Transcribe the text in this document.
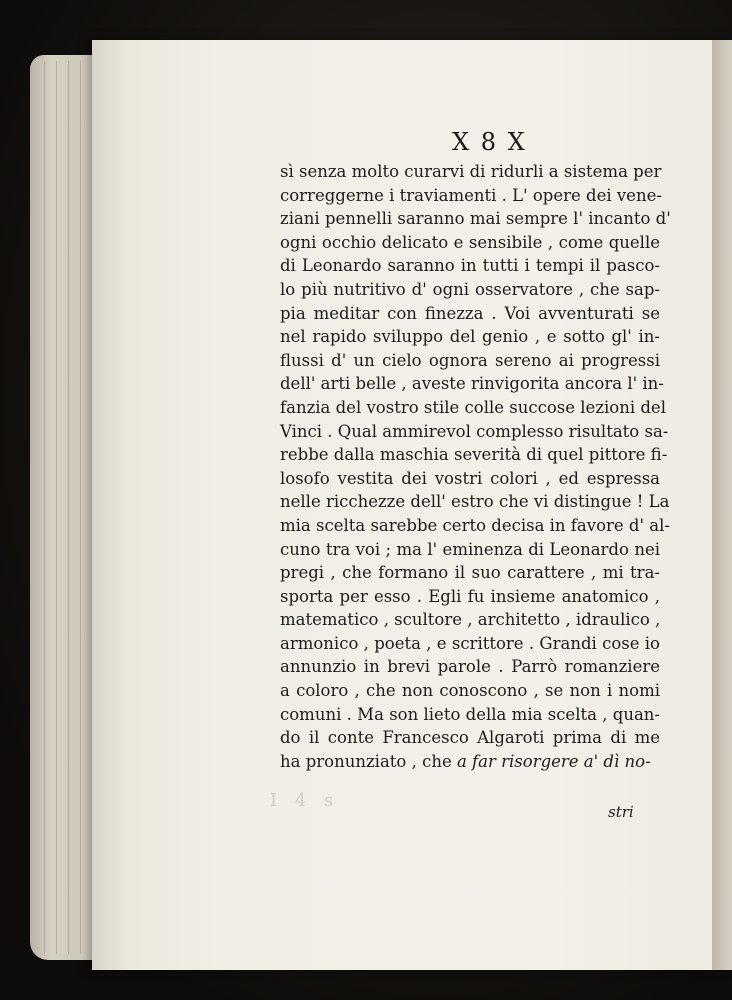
I 4 s
X 8 X
sì senza molto curarvi di ridurli a sistema per
correggerne i traviamenti . L' opere dei vene-
ziani pennelli saranno mai sempre l' incanto d'
ogni occhio delicato e sensibile , come quelle
di Leonardo saranno in tutti i tempi il pasco-
lo più nutritivo d' ogni osservatore , che sap-
pia meditar con finezza . Voi avventurati se
nel rapido sviluppo del genio , e sotto gl' in-
flussi d' un cielo ognora sereno ai progressi
dell' arti belle , aveste rinvigorita ancora l' in-
fanzia del vostro stile colle succose lezioni del
Vinci . Qual ammirevol complesso risultato sa-
rebbe dalla maschia severità di quel pittore fi-
losofo vestita dei vostri colori , ed espressa
nelle ricchezze dell' estro che vi distingue ! La
mia scelta sarebbe certo decisa in favore d' al-
cuno tra voi ; ma l' eminenza di Leonardo nei
pregi , che formano il suo carattere , mi tra-
sporta per esso . Egli fu insieme anatomico ,
matematico , scultore , architetto , idraulico ,
armonico , poeta , e scrittore . Grandi cose io
annunzio in brevi parole . Parrò romanziere
a coloro , che non conoscono , se non i nomi
comuni . Ma son lieto della mia scelta , quan-
do il conte Francesco Algaroti prima di me
ha pronunziato , che a far risorgere a' dì no-
stri
